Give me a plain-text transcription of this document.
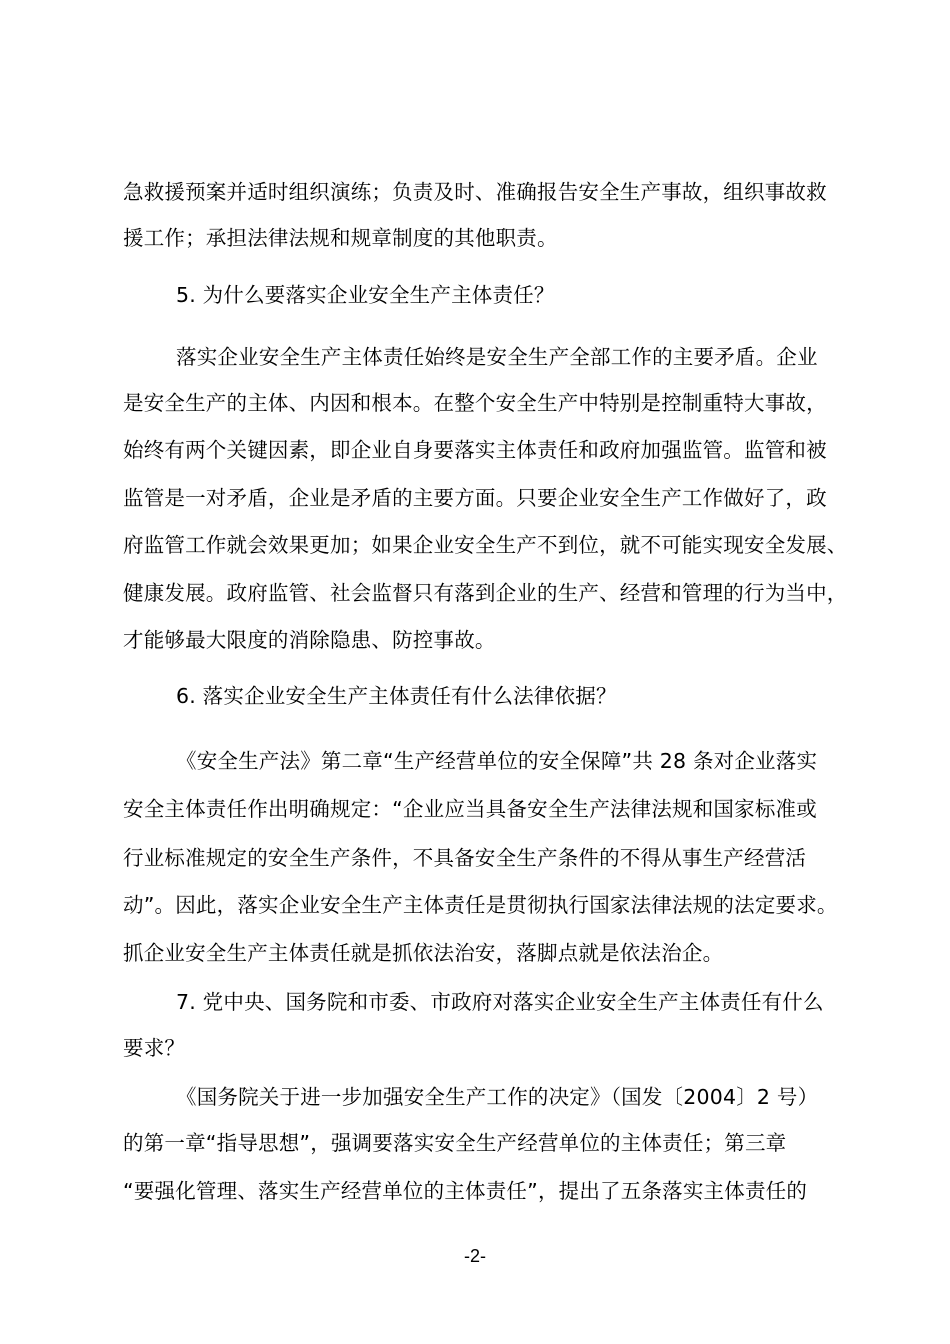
急救援预案并适时组织演练；负责及时、准确报告安全生产事故，组织事故救
援工作；承担法律法规和规章制度的其他职责。
5. 为什么要落实企业安全生产主体责任？
落实企业安全生产主体责任始终是安全生产全部工作的主要矛盾。企业
是安全生产的主体、内因和根本。在整个安全生产中特别是控制重特大事故，
始终有两个关键因素，即企业自身要落实主体责任和政府加强监管。监管和被
监管是一对矛盾，企业是矛盾的主要方面。只要企业安全生产工作做好了，政
府监管工作就会效果更加；如果企业安全生产不到位，就不可能实现安全发展、
健康发展。政府监管、社会监督只有落到企业的生产、经营和管理的行为当中，
才能够最大限度的消除隐患、防控事故。
6. 落实企业安全生产主体责任有什么法律依据？
《安全生产法》第二章“生产经营单位的安全保障”共 28 条对企业落实
安全主体责任作出明确规定：“企业应当具备安全生产法律法规和国家标准或
行业标准规定的安全生产条件，不具备安全生产条件的不得从事生产经营活
动”。因此，落实企业安全生产主体责任是贯彻执行国家法律法规的法定要求。
抓企业安全生产主体责任就是抓依法治安，落脚点就是依法治企。
7. 党中央、国务院和市委、市政府对落实企业安全生产主体责任有什么
要求？
《国务院关于进一步加强安全生产工作的决定》（国发〔2004〕2 号）
的第一章“指导思想”，强调要落实安全生产经营单位的主体责任；第三章
“要强化管理、落实生产经营单位的主体责任”，提出了五条落实主体责任的
-2-
